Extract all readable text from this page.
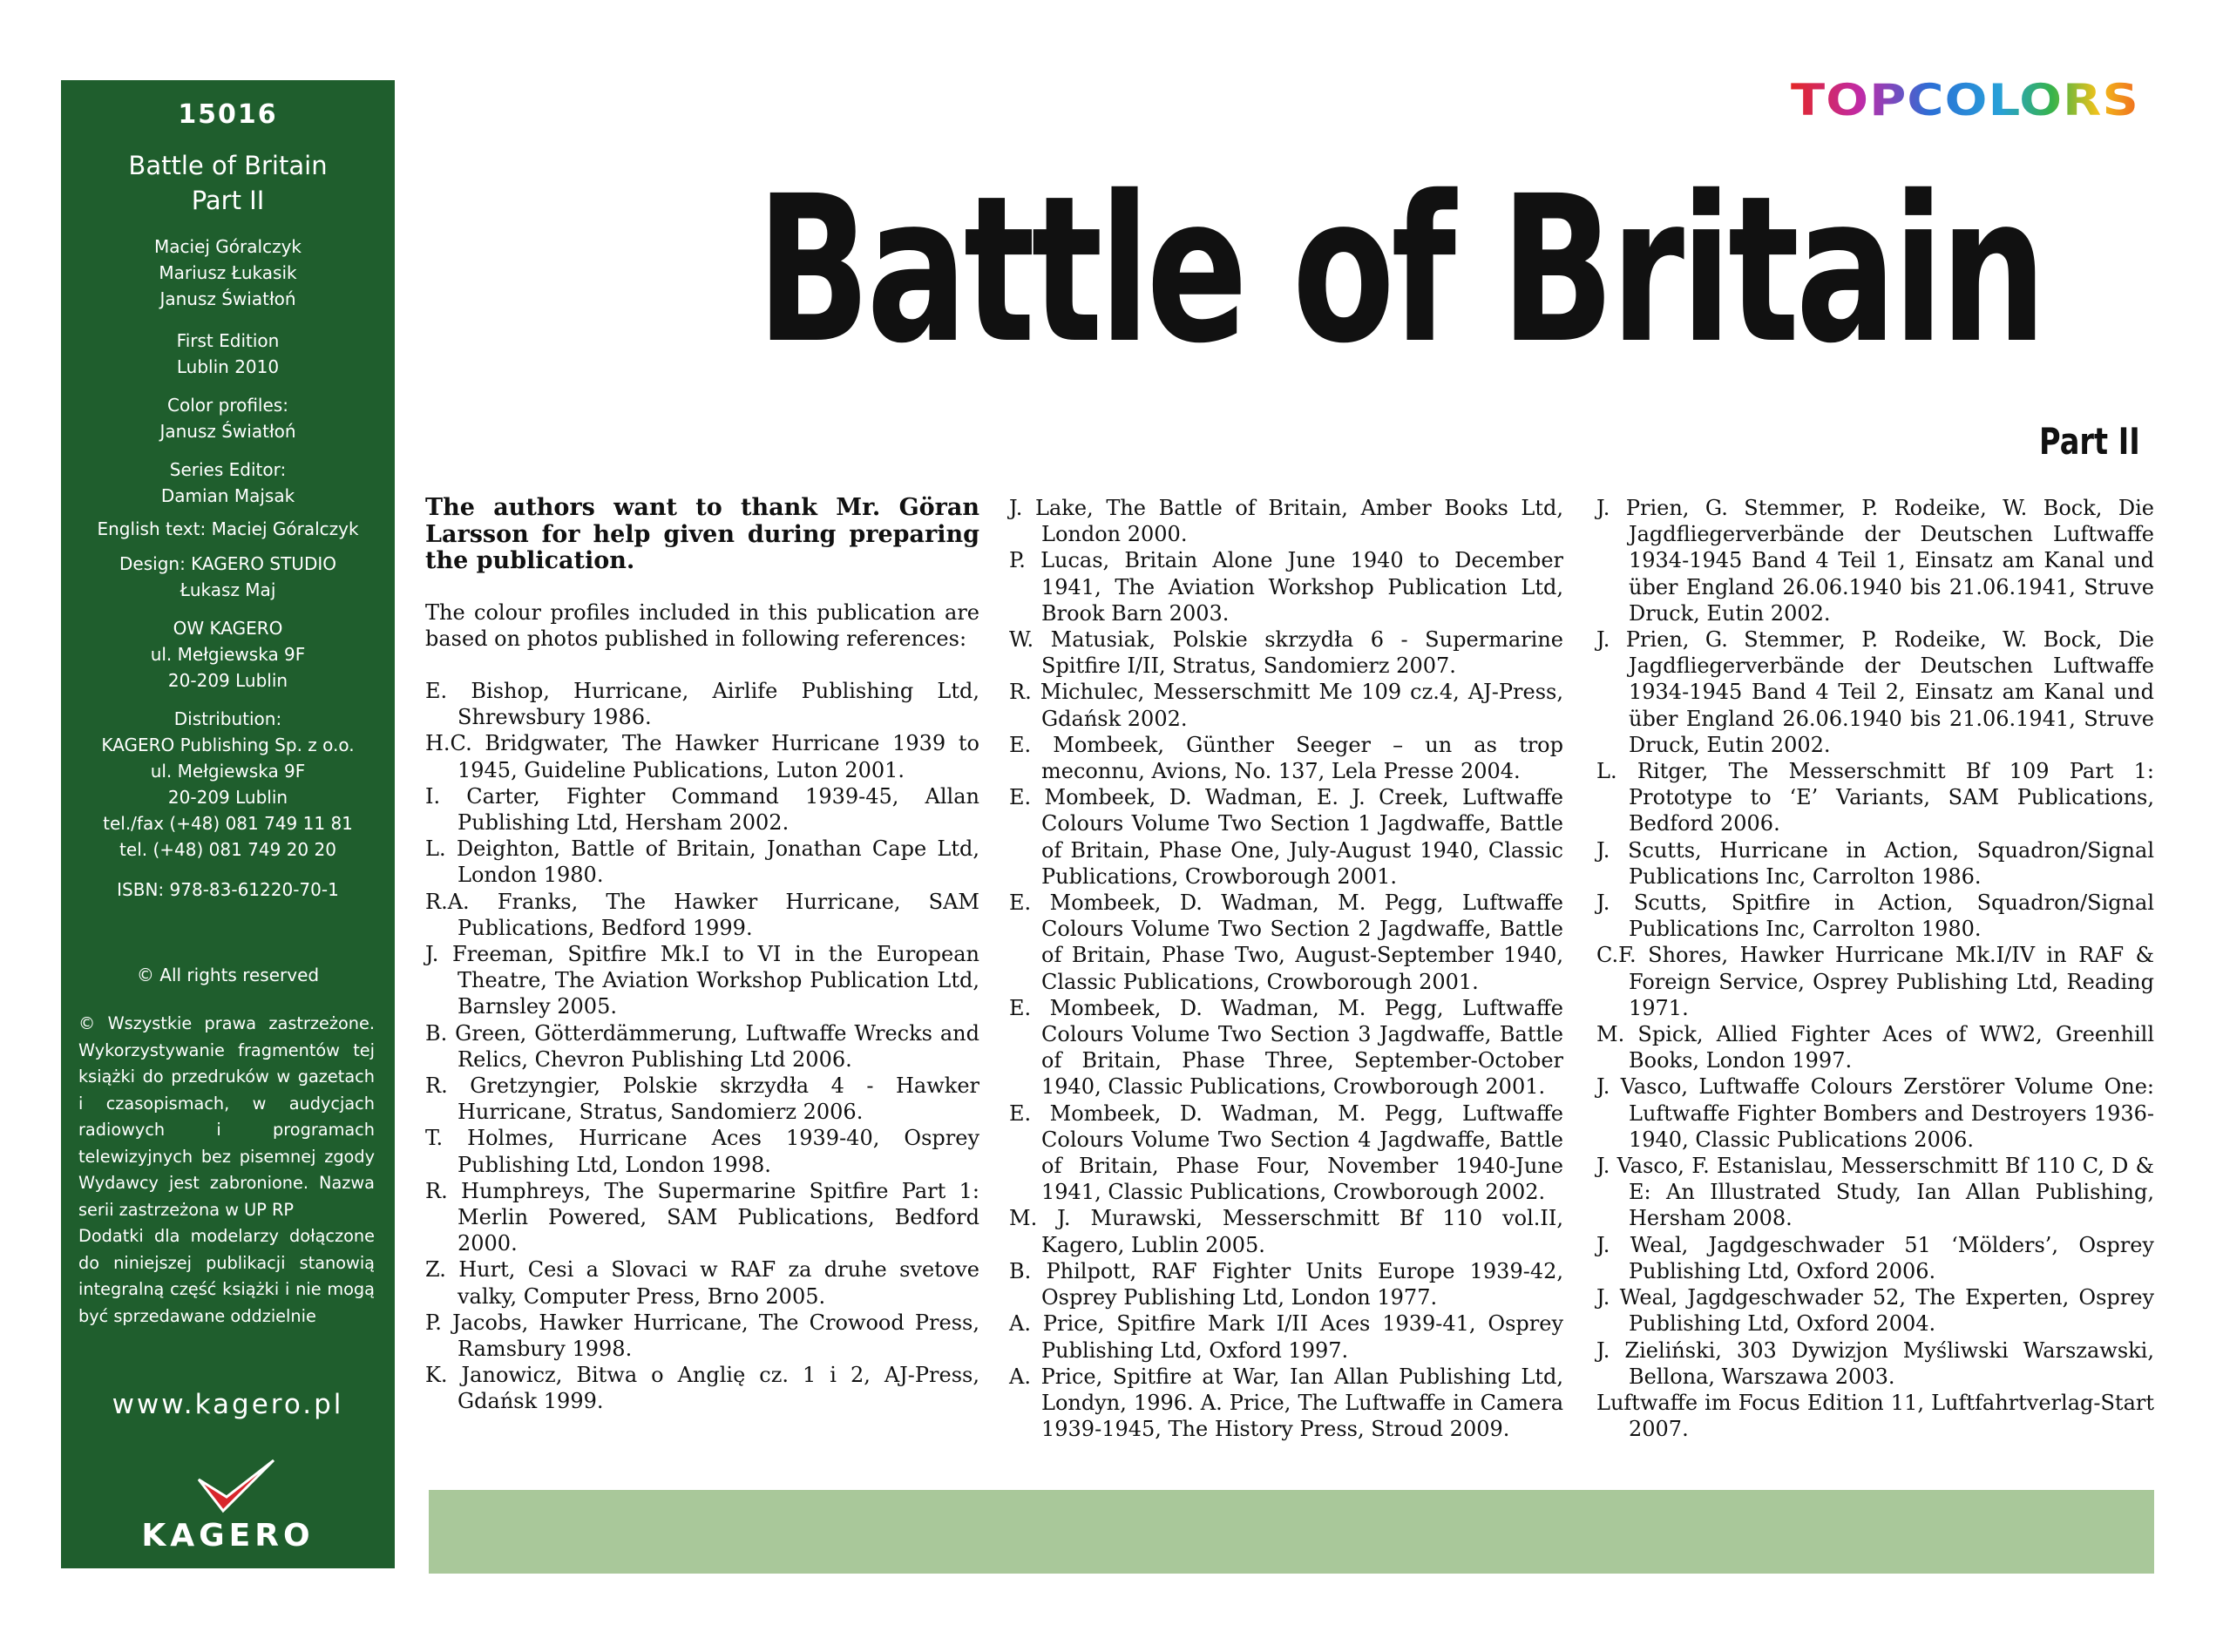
15016
Battle of Britain
Part II
Maciej Góralczyk
Mariusz Łukasik
Janusz Światłoń
First Edition
Lublin 2010
Color profiles:
Janusz Światłoń
Series Editor:
Damian Majsak
English text: Maciej Góralczyk
Design: KAGERO STUDIO
Łukasz Maj
OW KAGERO
ul. Mełgiewska 9F
20-209 Lublin
Distribution:
KAGERO Publishing Sp. z o.o.
ul. Mełgiewska 9F
20-209 Lublin
tel./fax (+48) 081 749 11 81
tel. (+48) 081 749 20 20
ISBN: 978-83-61220-70-1
© All rights reserved

© Wszystkie prawa zastrzeżone. Wykorzystywanie fragmentów tej książki do przedruków w gazetach i czasopismach, w audycjach radiowych i programach telewizyjnych bez pisemnej zgody Wydawcy jest zabronione. Nazwa serii zastrzeżona w UP RP

Dodatki dla modelarzy dołączone do niniejszej publikacji stanowią integralną część książki i nie mogą być sprzedawane oddzielnie

www.kagero.pl
KAGERO
TOPCOLORS
Battle of Britain
Part II

The authors want to thank Mr. Göran Larsson for help given during preparing the publication.

The colour profiles included in this publication are based on photos published in following references:

E. Bishop, Hurricane, Airlife Publishing Ltd, Shrewsbury 1986.

H.C. Bridgwater, The Hawker Hurricane 1939 to 1945, Guideline Publications, Luton 2001.

I. Carter, Fighter Command 1939-45, Allan Publishing Ltd, Hersham 2002.

L. Deighton, Battle of Britain, Jonathan Cape Ltd, London 1980.

R.A. Franks, The Hawker Hurricane, SAM Publications, Bedford 1999.

J. Freeman, Spitfire Mk.I to VI in the European Theatre, The Aviation Workshop Publication Ltd, Barnsley 2005.

B. Green, Götterdämmerung, Luftwaffe Wrecks and Relics, Chevron Publishing Ltd 2006.

R. Gretzyngier, Polskie skrzydła 4 - Hawker Hurricane, Stratus, Sandomierz 2006.

T. Holmes, Hurricane Aces 1939-40, Osprey Publishing Ltd, London 1998.

R. Humphreys, The Supermarine Spitfire Part 1: Merlin Powered, SAM Publications, Bedford 2000.

Z. Hurt, Cesi a Slovaci w RAF za druhe svetove valky, Computer Press, Brno 2005.

P. Jacobs, Hawker Hurricane, The Crowood Press, Ramsbury 1998.

K. Janowicz, Bitwa o Anglię cz. 1 i 2, AJ-Press, Gdańsk 1999.

J. Lake, The Battle of Britain, Amber Books Ltd, London 2000.

P. Lucas, Britain Alone June 1940 to December 1941, The Aviation Workshop Publication Ltd, Brook Barn 2003.

W. Matusiak, Polskie skrzydła 6 - Supermarine Spitfire I/II, Stratus, Sandomierz 2007.

R. Michulec, Messerschmitt Me 109 cz.4, AJ-Press, Gdańsk 2002.

E. Mombeek, Günther Seeger – un as trop meconnu, Avions, No. 137, Lela Presse 2004.

E. Mombeek, D. Wadman, E. J. Creek, Luftwaffe Colours Volume Two Section 1 Jagdwaffe, Battle of Britain, Phase One, July-August 1940, Classic Publications, Crowborough 2001.

E. Mombeek, D. Wadman, M. Pegg, Luftwaffe Colours Volume Two Section 2 Jagdwaffe, Battle of Britain, Phase Two, August-September 1940, Classic Publications, Crowborough 2001.

E. Mombeek, D. Wadman, M. Pegg, Luftwaffe Colours Volume Two Section 3 Jagdwaffe, Battle of Britain, Phase Three, September-October 1940, Classic Publications, Crowborough 2001.

E. Mombeek, D. Wadman, M. Pegg, Luftwaffe Colours Volume Two Section 4 Jagdwaffe, Battle of Britain, Phase Four, November 1940-June 1941, Classic Publications, Crowborough 2002.

M. J. Murawski, Messerschmitt Bf 110 vol.II, Kagero, Lublin 2005.

B. Philpott, RAF Fighter Units Europe 1939-42, Osprey Publishing Ltd, London 1977.

A. Price, Spitfire Mark I/II Aces 1939-41, Osprey Publishing Ltd, Oxford 1997.

A. Price, Spitfire at War, Ian Allan Publishing Ltd, Londyn, 1996. A. Price, The Luftwaffe in Camera 1939-1945, The History Press, Stroud 2009.

J. Prien, G. Stemmer, P. Rodeike, W. Bock, Die Jagdfliegerverbände der Deutschen Luftwaffe 1934-1945 Band 4 Teil 1, Einsatz am Kanal und über England 26.06.1940 bis 21.06.1941, Struve Druck, Eutin 2002.

J. Prien, G. Stemmer, P. Rodeike, W. Bock, Die Jagdfliegerverbände der Deutschen Luftwaffe 1934-1945 Band 4 Teil 2, Einsatz am Kanal und über England 26.06.1940 bis 21.06.1941, Struve Druck, Eutin 2002.

L. Ritger, The Messerschmitt Bf 109 Part 1: Prototype to ‘E’ Variants, SAM Publications, Bedford 2006.

J. Scutts, Hurricane in Action, Squadron/Signal Publications Inc, Carrolton 1986.

J. Scutts, Spitfire in Action, Squadron/Signal Publications Inc, Carrolton 1980.

C.F. Shores, Hawker Hurricane Mk.I/IV in RAF & Foreign Service, Osprey Publishing Ltd, Reading 1971.

M. Spick, Allied Fighter Aces of WW2, Greenhill Books, London 1997.

J. Vasco, Luftwaffe Colours Zerstörer Volume One: Luftwaffe Fighter Bombers and Destroyers 1936-1940, Classic Publications 2006.

J. Vasco, F. Estanislau, Messerschmitt Bf 110 C, D & E: An Illustrated Study, Ian Allan Publishing, Hersham 2008.

J. Weal, Jagdgeschwader 51 ‘Mölders’, Osprey Publishing Ltd, Oxford 2006.

J. Weal, Jagdgeschwader 52, The Experten, Osprey Publishing Ltd, Oxford 2004.

J. Zieliński, 303 Dywizjon Myśliwski Warszawski, Bellona, Warszawa 2003.

Luftwaffe im Focus Edition 11, Luftfahrtverlag-Start 2007.
